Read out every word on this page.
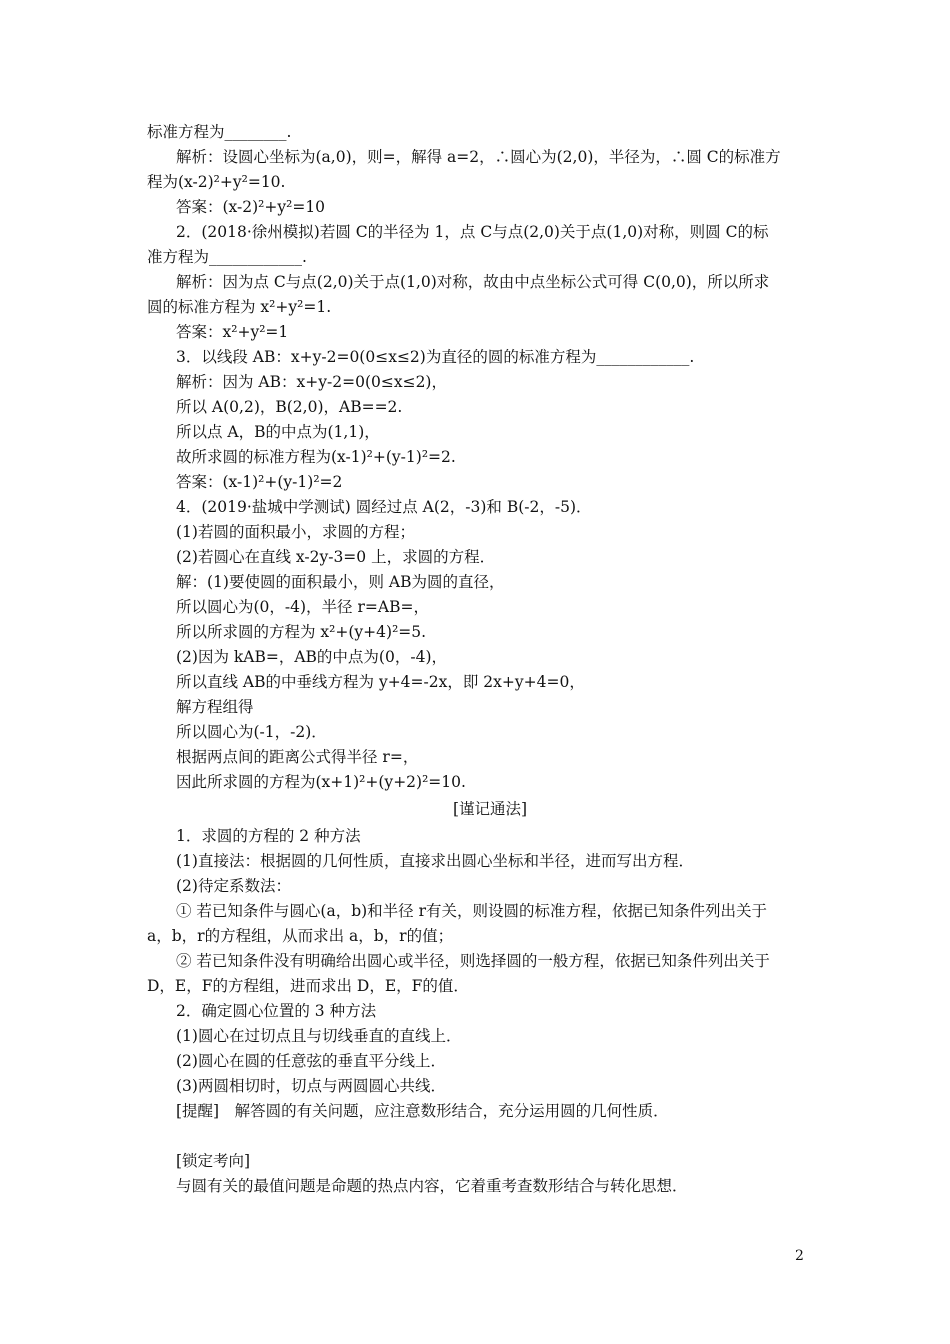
标准方程为________.
解析：设圆心坐标为(a,0)，则=，解得 a=2，∴圆心为(2,0)，半径为，∴圆 C的标准方
程为(x-2)²+y²=10.
答案：(x-2)²+y²=10
2．(2018·徐州模拟)若圆 C的半径为 1，点 C与点(2,0)关于点(1,0)对称，则圆 C的标
准方程为____________.
解析：因为点 C与点(2,0)关于点(1,0)对称，故由中点坐标公式可得 C(0,0)，所以所求
圆的标准方程为 x²+y²=1.
答案：x²+y²=1
3．以线段 AB：x+y-2=0(0≤x≤2)为直径的圆的标准方程为____________.
解析：因为 AB：x+y-2=0(0≤x≤2)，
所以 A(0,2)，B(2,0)，AB==2.
所以点 A，B的中点为(1,1)，
故所求圆的标准方程为(x-1)²+(y-1)²=2.
答案：(x-1)²+(y-1)²=2
4．(2019·盐城中学测试) 圆经过点 A(2，-3)和 B(-2，-5)．
(1)若圆的面积最小，求圆的方程；
(2)若圆心在直线 x-2y-3=0 上，求圆的方程．
解：(1)要使圆的面积最小，则 AB为圆的直径，
所以圆心为(0，-4)，半径 r=AB=，
所以所求圆的方程为 x²+(y+4)²=5.
(2)因为 kAB=，AB的中点为(0，-4)，
所以直线 AB的中垂线方程为 y+4=-2x，即 2x+y+4=0，
解方程组得
所以圆心为(-1，-2)．
根据两点间的距离公式得半径 r=，
因此所求圆的方程为(x+1)²+(y+2)²=10.
[谨记通法]
1．求圆的方程的 2 种方法
(1)直接法：根据圆的几何性质，直接求出圆心坐标和半径，进而写出方程．
(2)待定系数法：
① 若已知条件与圆心(a，b)和半径 r有关，则设圆的标准方程，依据已知条件列出关于
a，b，r的方程组，从而求出 a，b，r的值；
② 若已知条件没有明确给出圆心或半径，则选择圆的一般方程，依据已知条件列出关于
D，E，F的方程组，进而求出 D，E，F的值．
2．确定圆心位置的 3 种方法
(1)圆心在过切点且与切线垂直的直线上．
(2)圆心在圆的任意弦的垂直平分线上．
(3)两圆相切时，切点与两圆圆心共线．
[提醒]　解答圆的有关问题，应注意数形结合，充分运用圆的几何性质．
[锁定考向]
与圆有关的最值问题是命题的热点内容，它着重考查数形结合与转化思想．
2
